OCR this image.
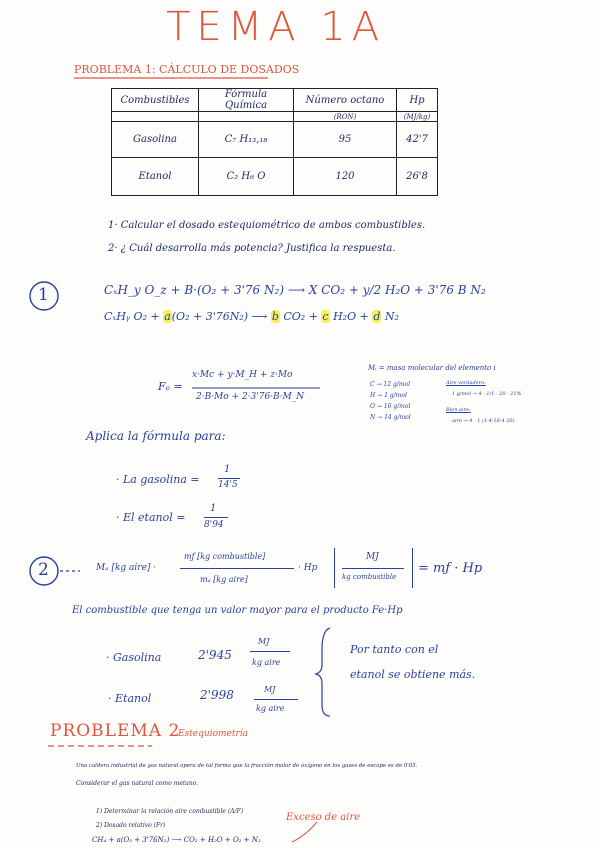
TEMA 1A
PROBLEMA 1: CÁLCULO DE DOSADOS
Combustibles	Fórmula Química	Número octano	Hp
		(RON)	(MJ/kg)
Gasolina	C₇ H₁₃,₁₈	95	42'7
Etanol	C₂ H₆ O	120	26'8
1· Calcular el dosado estequiométrico de ambos combustibles.
2· ¿ Cuál desarrolla más potencia? Justifica la respuesta.
1	CₓH_y O_z + B·(O₂ + 3'76 N₂) ⟶ X CO₂ + y/2 H₂O + 3'76 B N₂
CₓHᵧ O₂ + a(O₂ + 3'76N₂) ⟶ b CO₂ + c H₂O + d N₂
Fₑ =
x·Mc + y·M_H + z·Mo
2·B·Mo + 2·3'76·B·M_N
Mᵢ = masa molecular del elemento i
C → 12 g/mol
H → 1 g/mol
O → 16 g/mol
N → 14 g/mol
Aire verdadero:
1 g/mol → 4 · 1/1 · 20 · 21%
Bien aire:
aire → 4 · 1 (1·4·16·4 20)
Aplica la fórmula para:
· La gasolina =
1
14'5
· El etanol =
1
8'94
2	Mₐ [kg aire] ·
mƒ [kg combustible]
mₐ [kg aire]
· Hp
MJ
kg combustible
= mƒ · Hp
El combustible que tenga un valor mayor para el producto Fe·Hp
· Gasolina	2'945
MJ
kg aire
· Etanol	2'998	MJ
kg aire
Por tanto con el
etanol se obtiene más.
PROBLEMA 2
Estequiometría
Una caldera industrial de gas natural opera de tal forma que la fracción molar de oxígeno en los gases de escape es de 0'03.
Considerar el gas natural como metano.
1) Determinar la relación aire combustible (A/F)
2) Dosado relativo (Fr)
Exceso de aire
CH₄ + a(O₂ + 3'76N₂) ⟶ CO₂ + H₂O + O₂ + N₂
